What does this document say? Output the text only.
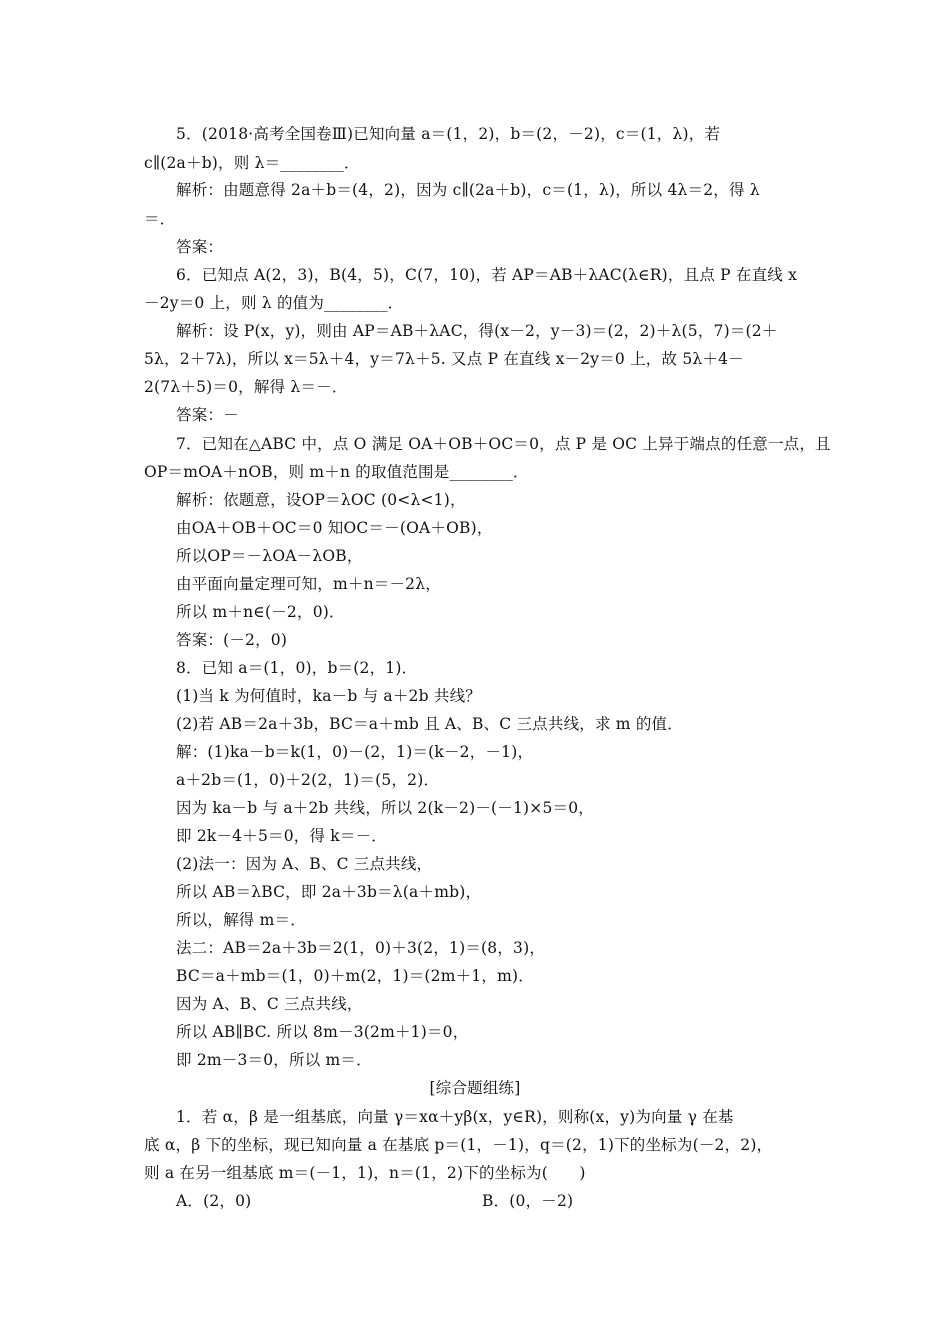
5．(2018·高考全国卷Ⅲ)已知向量 a＝(1，2)，b＝(2，－2)，c＝(1，λ)，若
c∥(2a＋b)，则 λ＝________．
解析：由题意得 2a＋b＝(4，2)，因为 c∥(2a＋b)，c＝(1，λ)，所以 4λ＝2，得 λ
＝．
答案：
6．已知点 A(2，3)，B(4，5)，C(7，10)，若 AP＝AB＋λAC(λ∈R)，且点 P 在直线 x
－2y＝0 上，则 λ 的值为________．
解析：设 P(x，y)，则由 AP＝AB＋λAC，得(x－2，y－3)＝(2，2)＋λ(5，7)＝(2＋
5λ，2＋7λ)，所以 x＝5λ＋4，y＝7λ＋5. 又点 P 在直线 x－2y＝0 上，故 5λ＋4－
2(7λ＋5)＝0，解得 λ＝－．
答案：－
7．已知在△ABC 中，点 O 满足 OA＋OB＋OC＝0，点 P 是 OC 上异于端点的任意一点，且
OP＝mOA＋nOB，则 m＋n 的取值范围是________．
解析：依题意，设OP＝λOC (0<λ<1)，
由OA＋OB＋OC＝0 知OC＝－(OA＋OB)，
所以OP＝－λOA－λOB，
由平面向量定理可知，m＋n＝－2λ，
所以 m＋n∈(－2，0)．
答案：(－2，0)
8．已知 a＝(1，0)，b＝(2，1)．
(1)当 k 为何值时，ka－b 与 a＋2b 共线？
(2)若 AB＝2a＋3b，BC＝a＋mb 且 A、B、C 三点共线，求 m 的值．
解：(1)ka－b＝k(1，0)－(2，1)＝(k－2，－1)，
a＋2b＝(1，0)＋2(2，1)＝(5，2)．
因为 ka－b 与 a＋2b 共线，所以 2(k－2)－(－1)×5＝0，
即 2k－4＋5＝0，得 k＝－．
(2)法一：因为 A、B、C 三点共线，
所以 AB＝λBC，即 2a＋3b＝λ(a＋mb)，
所以，解得 m＝．
法二：AB＝2a＋3b＝2(1，0)＋3(2，1)＝(8，3)，
BC＝a＋mb＝(1，0)＋m(2，1)＝(2m＋1，m)．
因为 A、B、C 三点共线，
所以 AB∥BC. 所以 8m－3(2m＋1)＝0，
即 2m－3＝0，所以 m＝．
[综合题组练]
1．若 α，β 是一组基底，向量 γ＝xα＋yβ(x，y∈R)，则称(x，y)为向量 γ 在基
底 α，β 下的坐标，现已知向量 a 在基底 p＝(1，－1)，q＝(2，1)下的坐标为(－2，2)，
则 a 在另一组基底 m＝(－1，1)，n＝(1，2)下的坐标为(　　)
A．(2，0)	B．(0，－2)
